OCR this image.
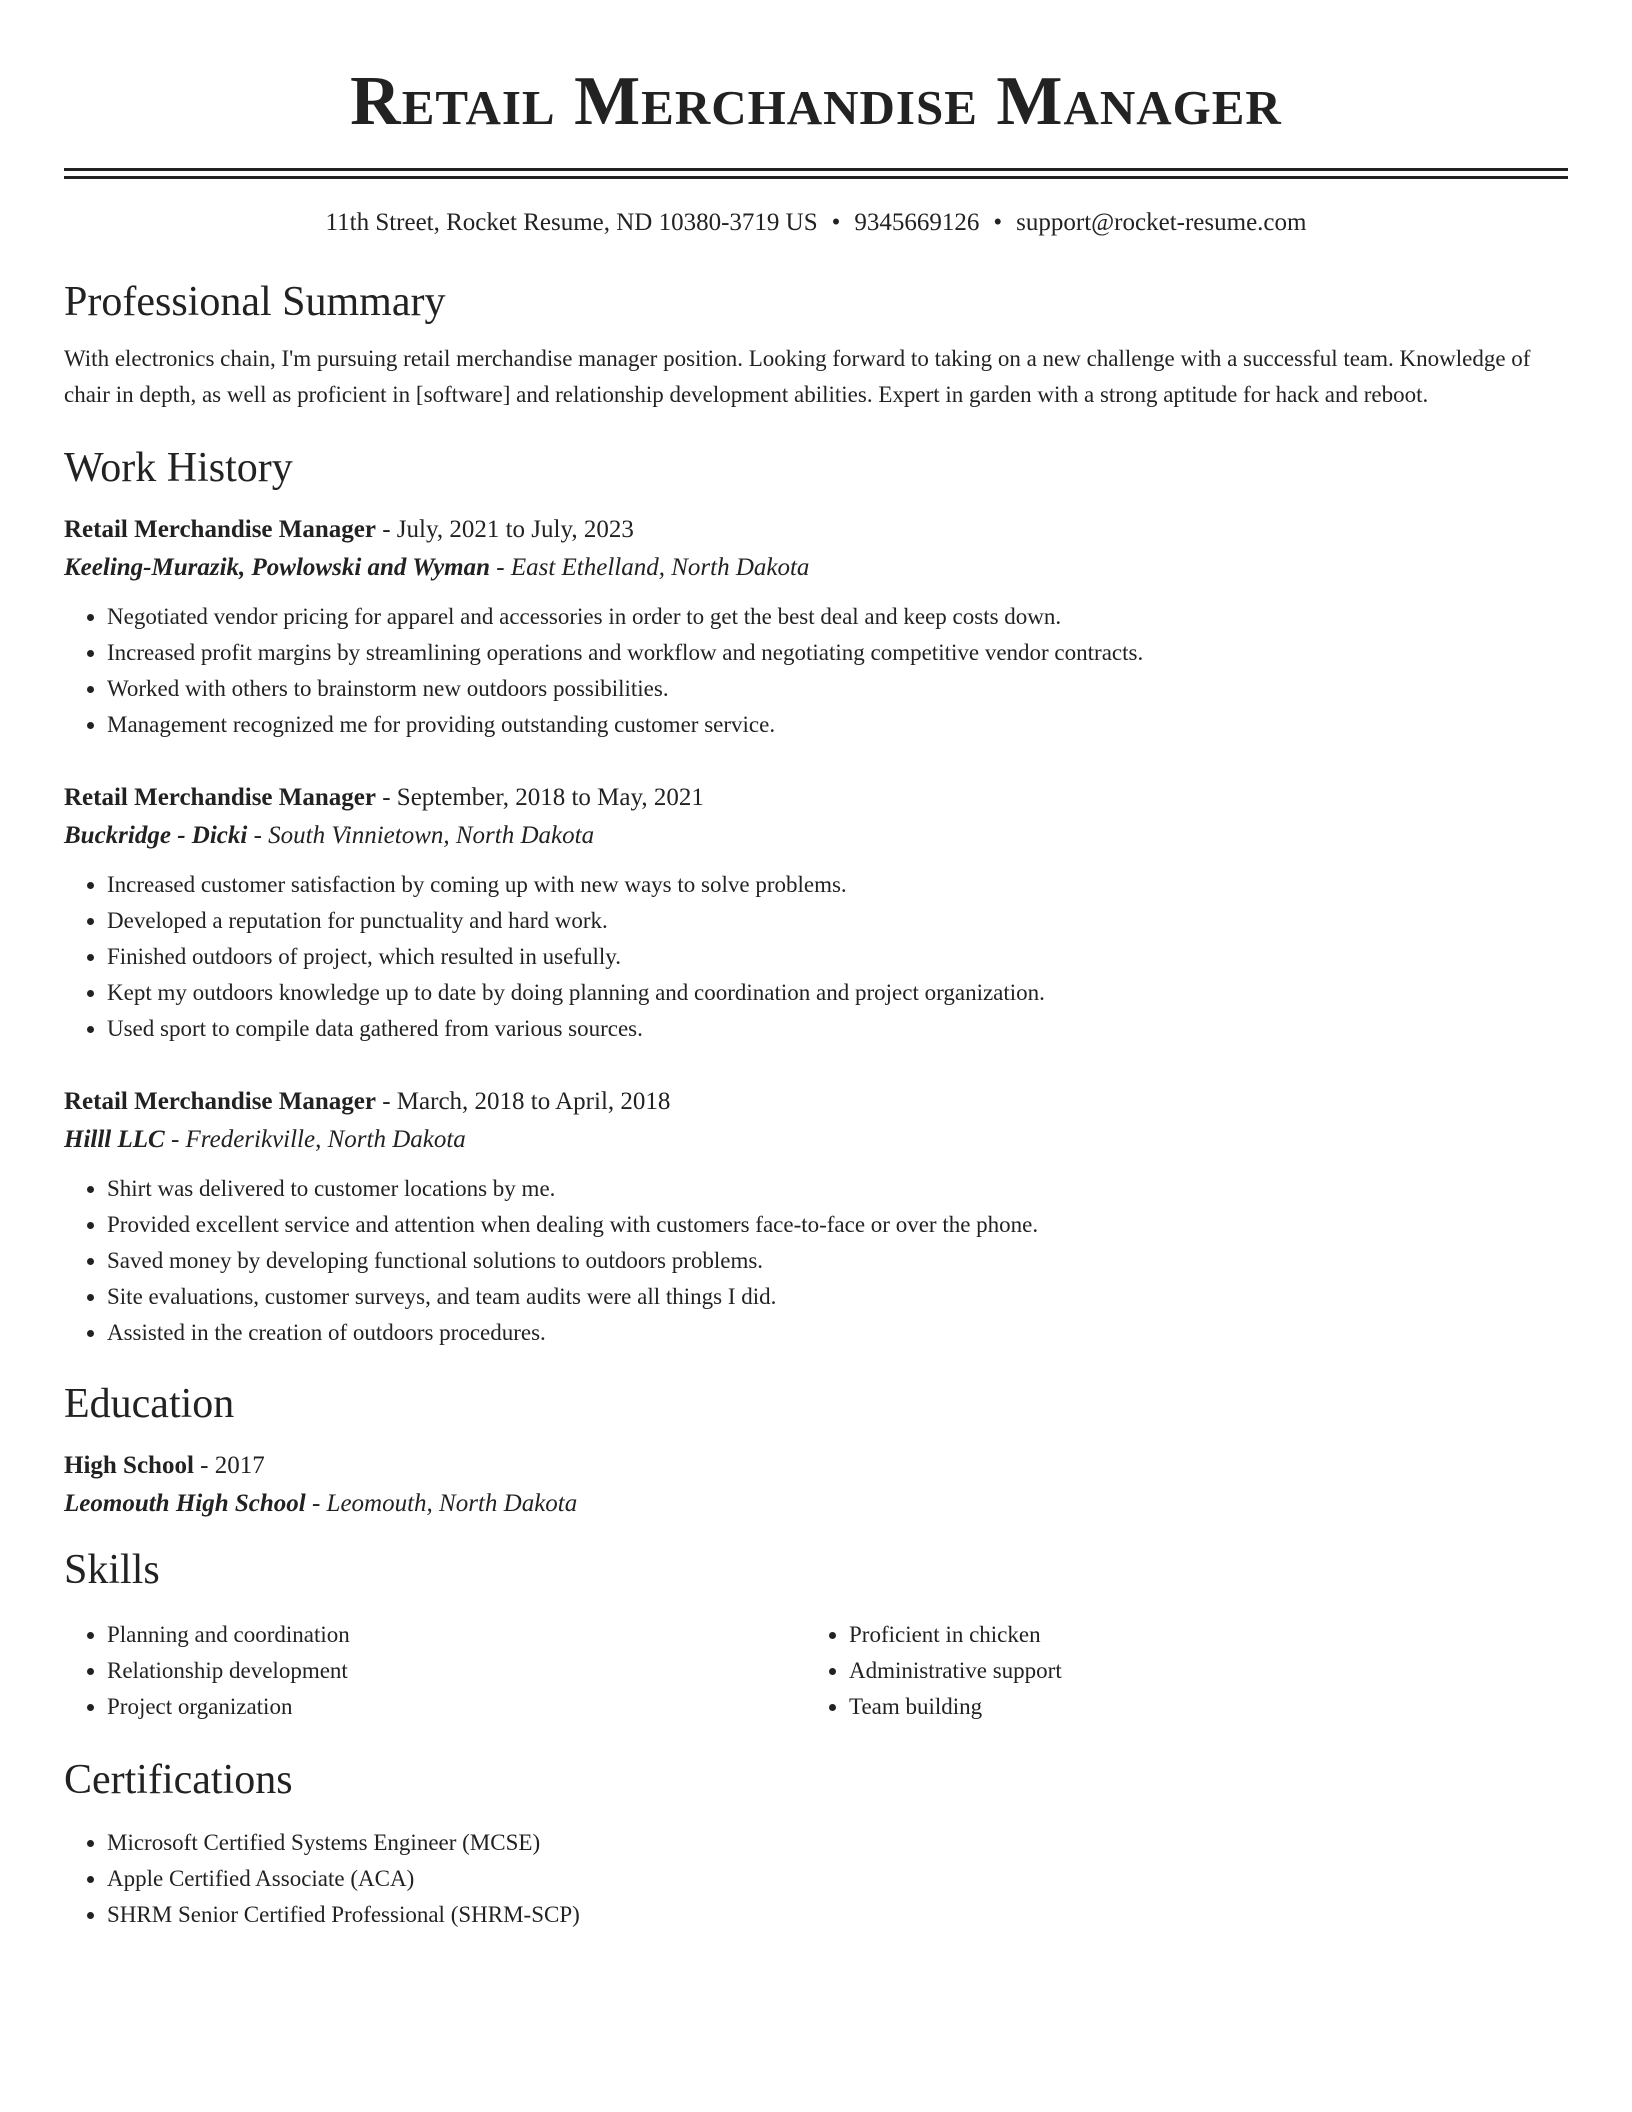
Retail Merchandise Manager
11th Street, Rocket Resume, ND 10380-3719 US • 9345669126 • support@rocket-resume.com
Professional Summary

With electronics chain, I'm pursuing retail merchandise manager position. Looking forward to taking on a new challenge with a successful team. Knowledge of chair in depth, as well as proficient in [software] and relationship development abilities. Expert in garden with a strong aptitude for hack and reboot.

Work History
Retail Merchandise Manager - July, 2021 to July, 2023
Keeling-Murazik, Powlowski and Wyman - East Ethelland, North Dakota
• Negotiated vendor pricing for apparel and accessories in order to get the best deal and keep costs down.
• Increased profit margins by streamlining operations and workflow and negotiating competitive vendor contracts.
• Worked with others to brainstorm new outdoors possibilities.
• Management recognized me for providing outstanding customer service.
Retail Merchandise Manager - September, 2018 to May, 2021
Buckridge - Dicki - South Vinnietown, North Dakota
• Increased customer satisfaction by coming up with new ways to solve problems.
• Developed a reputation for punctuality and hard work.
• Finished outdoors of project, which resulted in usefully.
• Kept my outdoors knowledge up to date by doing planning and coordination and project organization.
• Used sport to compile data gathered from various sources.
Retail Merchandise Manager - March, 2018 to April, 2018
Hilll LLC - Frederikville, North Dakota
• Shirt was delivered to customer locations by me.
• Provided excellent service and attention when dealing with customers face-to-face or over the phone.
• Saved money by developing functional solutions to outdoors problems.
• Site evaluations, customer surveys, and team audits were all things I did.
• Assisted in the creation of outdoors procedures.
Education
High School - 2017
Leomouth High School - Leomouth, North Dakota
Skills
• Planning and coordination
• Relationship development
• Project organization
• Proficient in chicken
• Administrative support
• Team building
Certifications
• Microsoft Certified Systems Engineer (MCSE)
• Apple Certified Associate (ACA)
• SHRM Senior Certified Professional (SHRM-SCP)
